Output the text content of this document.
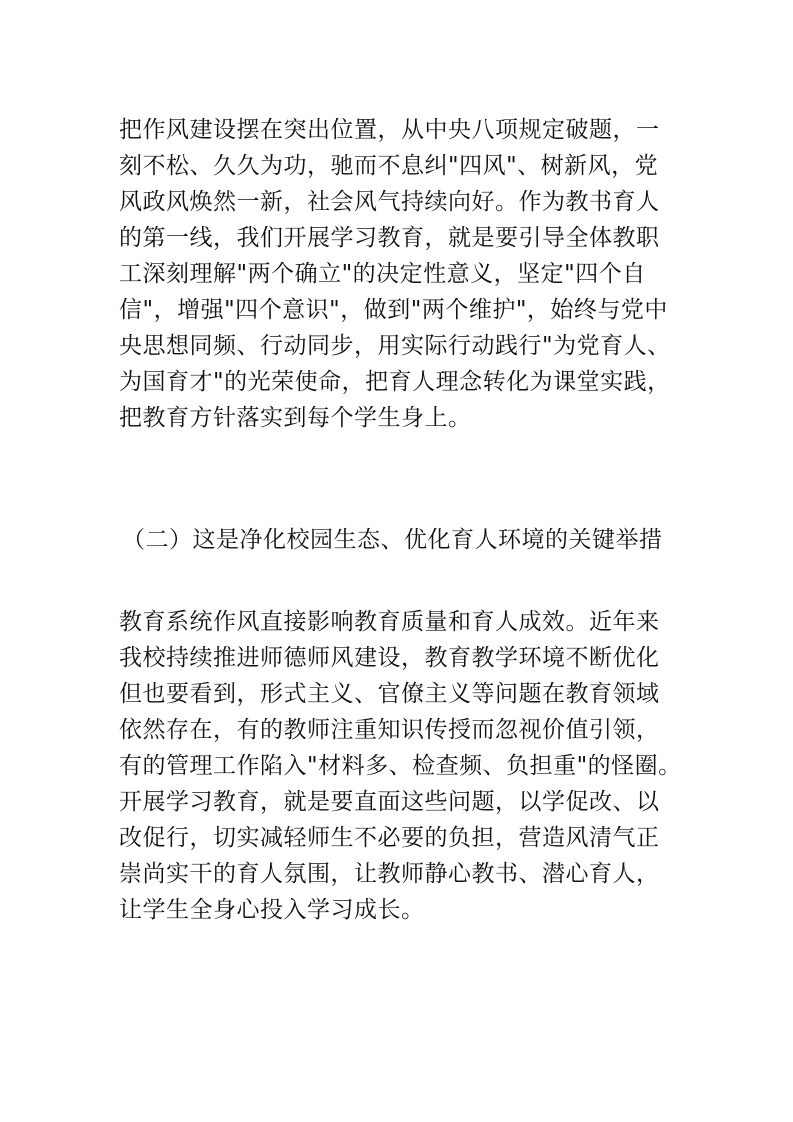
把作风建设摆在突出位置，从中央八项规定破题，一
刻不松、久久为功，驰而不息纠"四风"、树新风，党
风政风焕然一新，社会风气持续向好。作为教书育人
的第一线，我们开展学习教育，就是要引导全体教职
工深刻理解"两个确立"的决定性意义，坚定"四个自
信"，增强"四个意识"，做到"两个维护"，始终与党中
央思想同频、行动同步，用实际行动践行"为党育人、
为国育才"的光荣使命，把育人理念转化为课堂实践，
把教育方针落实到每个学生身上。
（二）这是净化校园生态、优化育人环境的关键举措
教育系统作风直接影响教育质量和育人成效。近年来
我校持续推进师德师风建设，教育教学环境不断优化
但也要看到，形式主义、官僚主义等问题在教育领域
依然存在，有的教师注重知识传授而忽视价值引领，
有的管理工作陷入"材料多、检查频、负担重"的怪圈。
开展学习教育，就是要直面这些问题，以学促改、以
改促行，切实减轻师生不必要的负担，营造风清气正
崇尚实干的育人氛围，让教师静心教书、潜心育人，
让学生全身心投入学习成长。
